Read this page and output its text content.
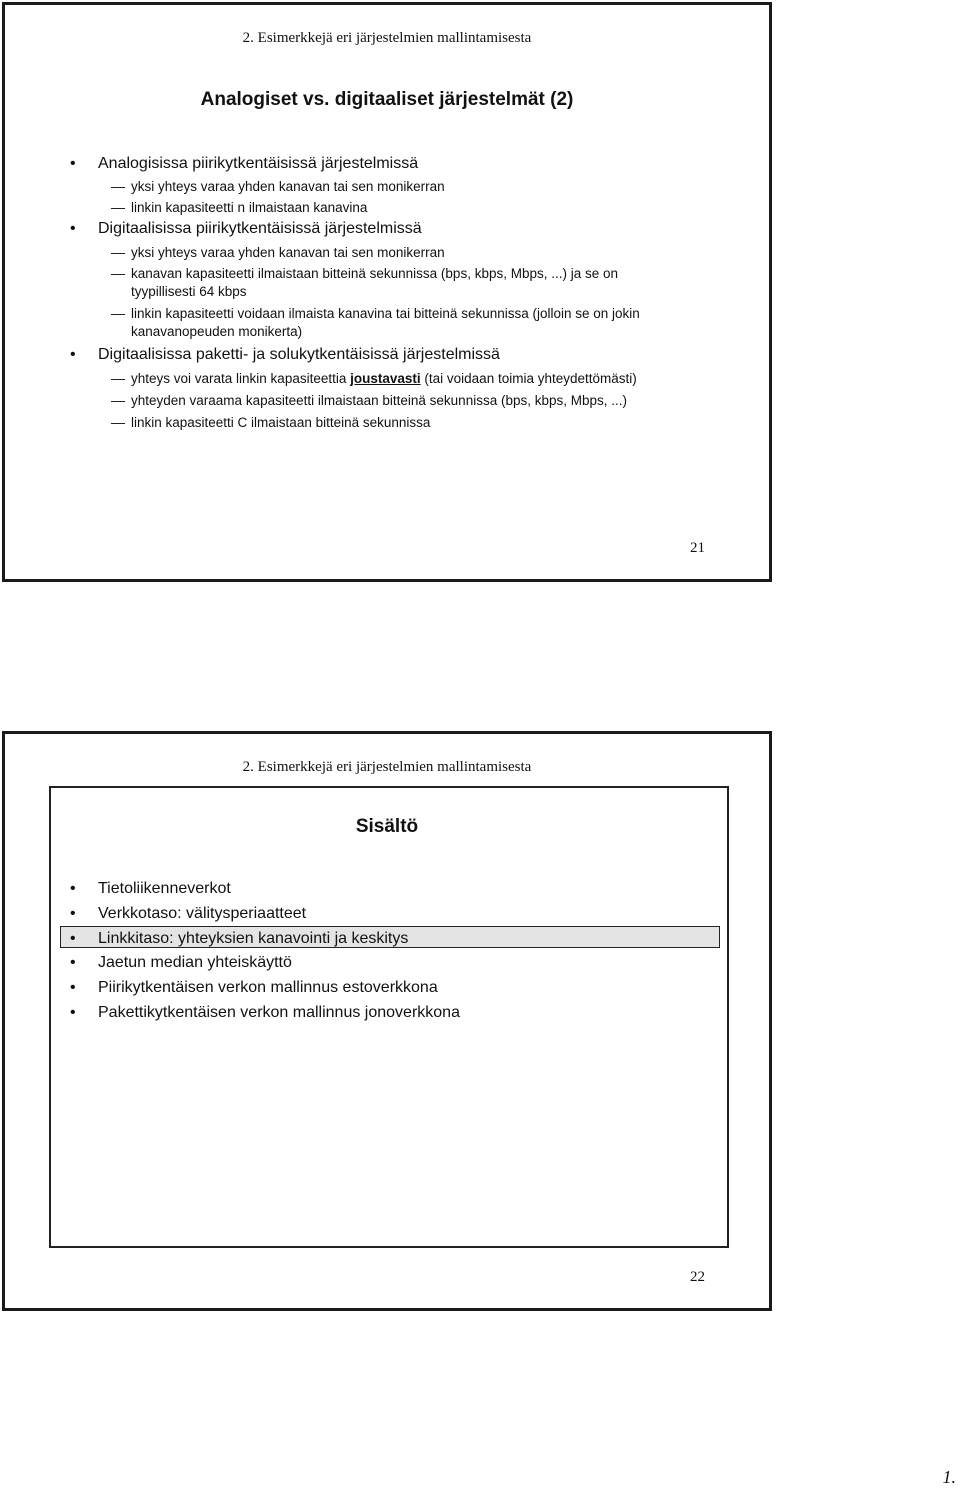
2. Esimerkkejä eri järjestelmien mallintamisesta
Analogiset vs. digitaaliset järjestelmät (2)
• Analogisissa piirikytkentäisissä järjestelmissä
yksi yhteys varaa yhden kanavan tai sen monikerran
linkin kapasiteetti n ilmaistaan kanavina
• Digitaalisissa piirikytkentäisissä järjestelmissä
yksi yhteys varaa yhden kanavan tai sen monikerran
kanavan kapasiteetti ilmaistaan bitteinä sekunnissa (bps, kbps, Mbps, ...) ja se on
tyypillisesti 64 kbps
linkin kapasiteetti voidaan ilmaista kanavina tai bitteinä sekunnissa (jolloin se on jokin
kanavanopeuden monikerta)
• Digitaalisissa paketti- ja solukytkentäisissä järjestelmissä
yhteys voi varata linkin kapasiteettia joustavasti (tai voidaan toimia yhteydettömästi)
yhteyden varaama kapasiteetti ilmaistaan bitteinä sekunnissa (bps, kbps, Mbps, ...)
linkin kapasiteetti C ilmaistaan bitteinä sekunnissa
21
2. Esimerkkejä eri järjestelmien mallintamisesta
Sisältö
• Tietoliikenneverkot
• Verkkotaso: välitysperiaatteet
• Linkkitaso: yhteyksien kanavointi ja keskitys
• Jaetun median yhteiskäyttö
• Piirikytkentäisen verkon mallinnus estoverkkona
• Pakettikytkentäisen verkon mallinnus jonoverkkona
22
1.
